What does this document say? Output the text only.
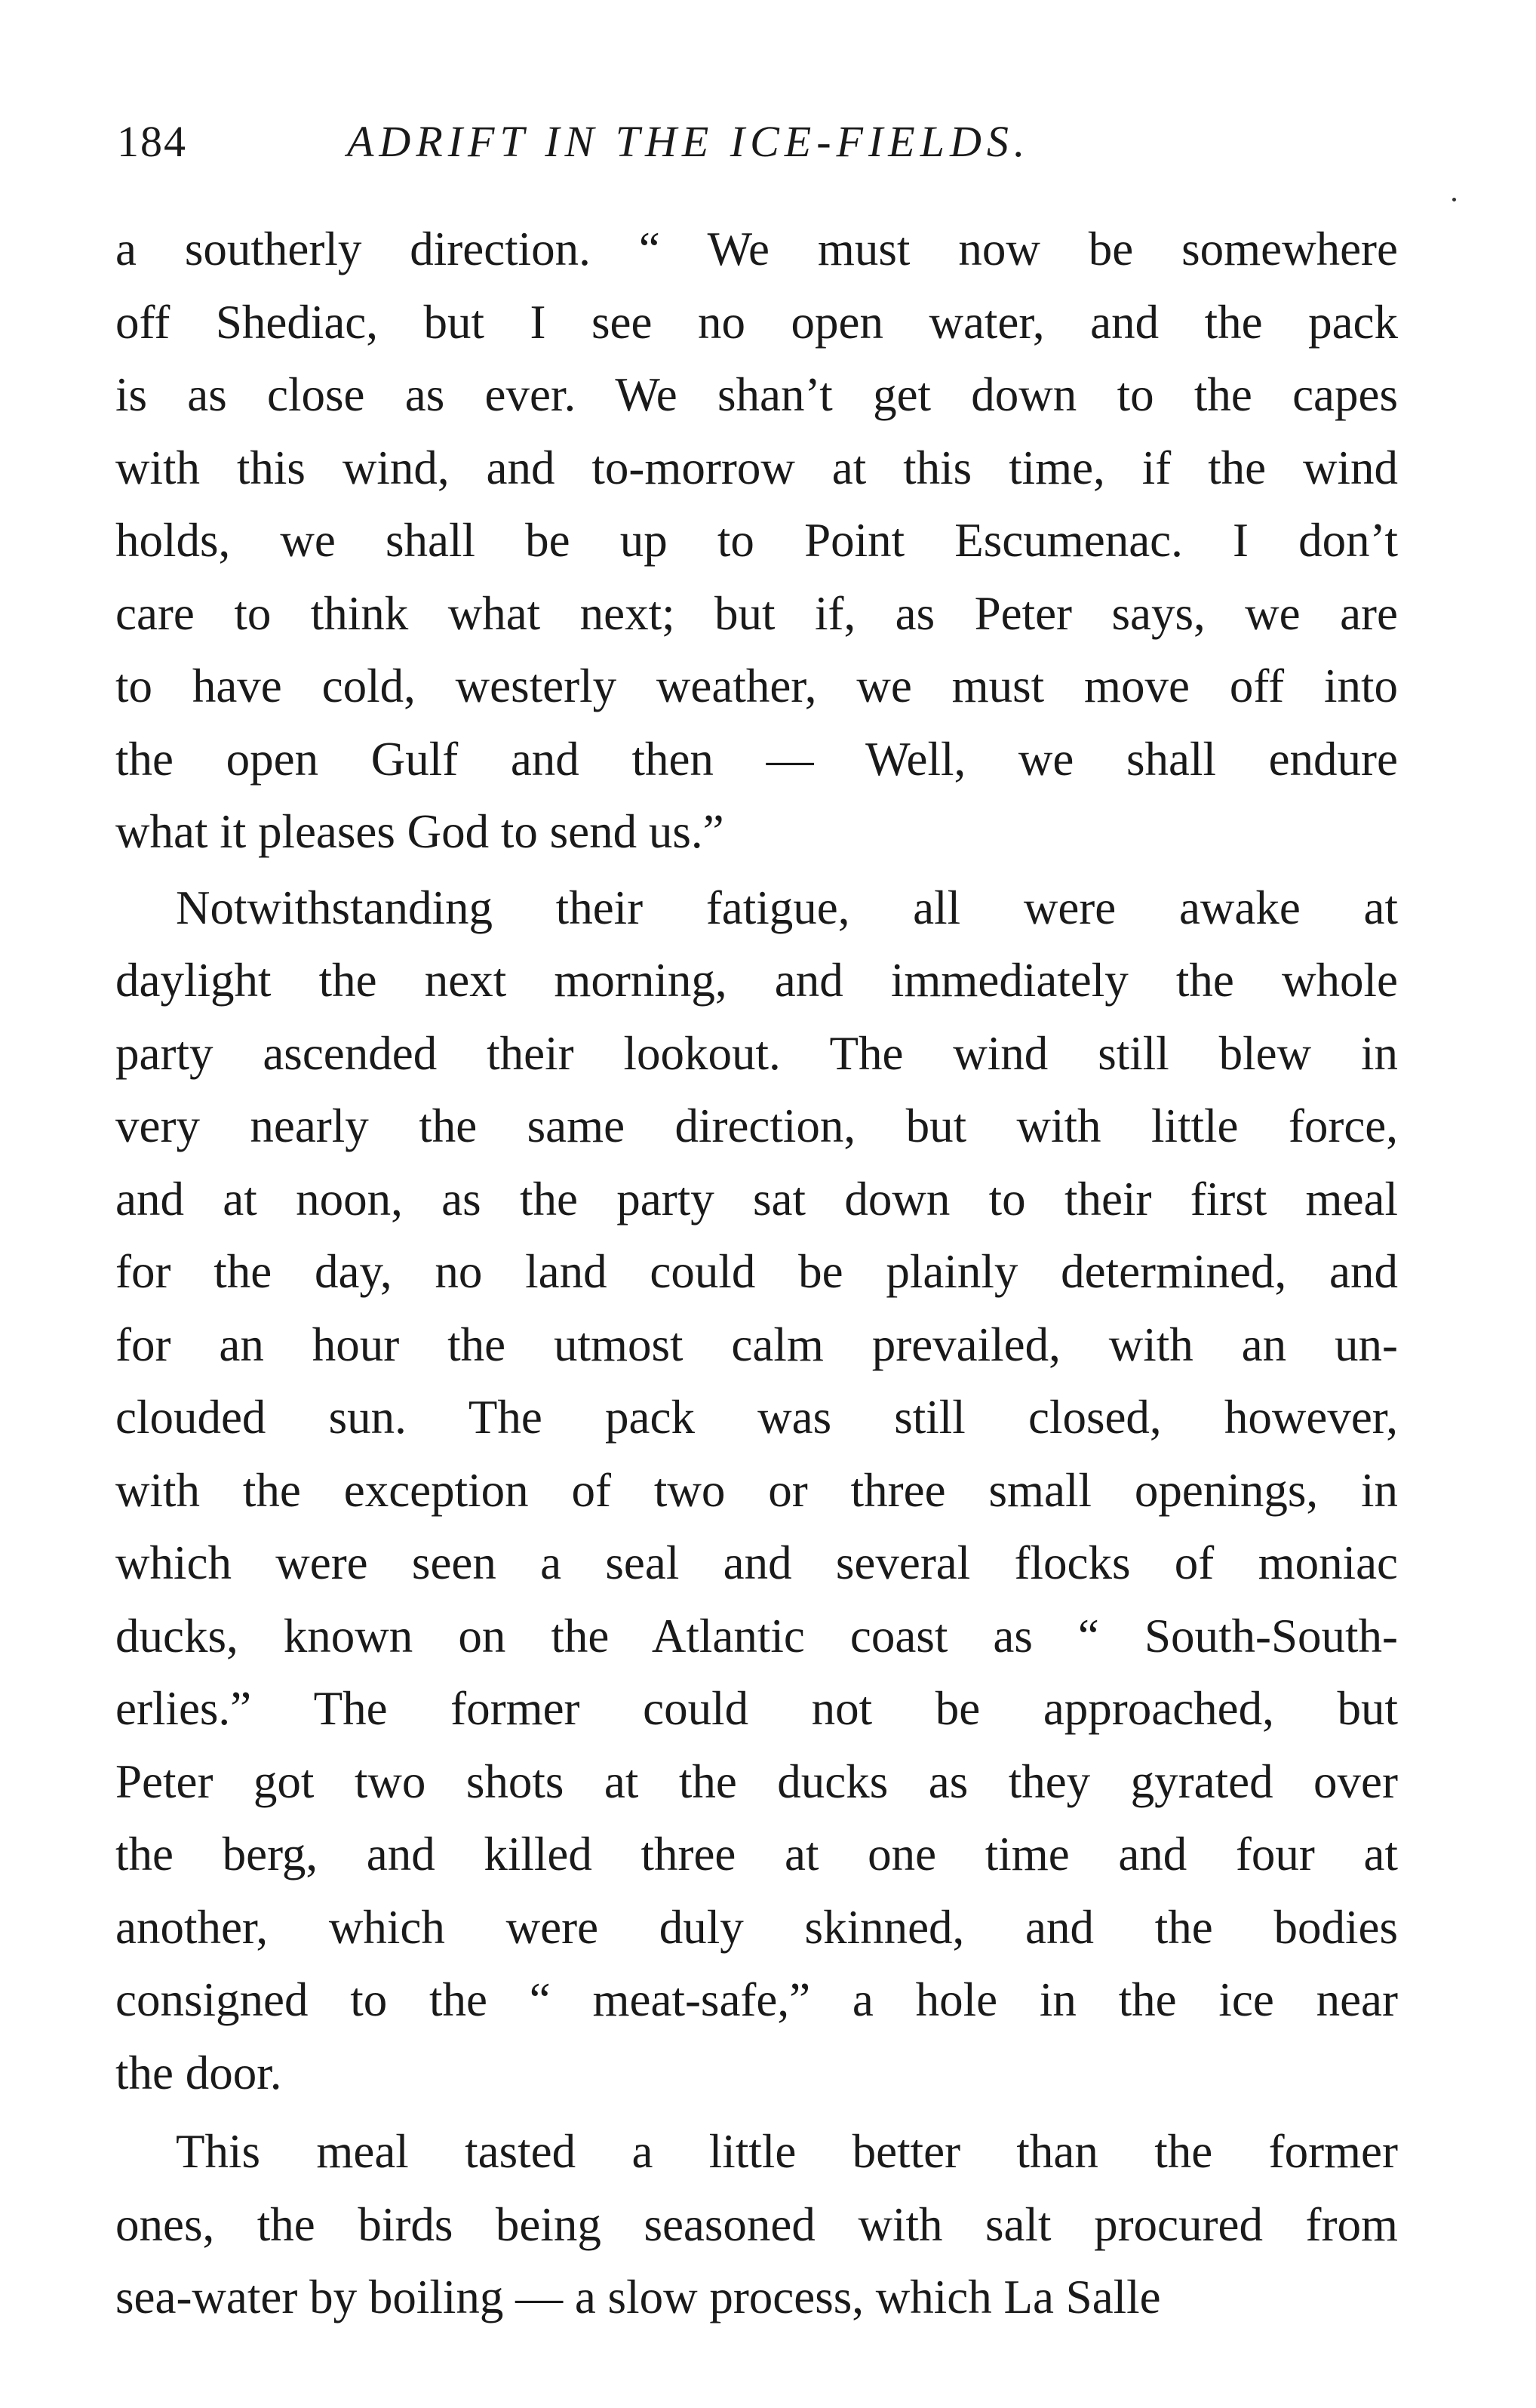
184	ADRIFT IN THE ICE-FIELDS.
a southerly direction. “ We must now be somewhere
off Shediac, but I see no open water, and the pack
is as close as ever. We shan’t get down to the capes
with this wind, and to-morrow at this time, if the wind
holds, we shall be up to Point Escumenac. I don’t
care to think what next; but if, as Peter says, we are
to have cold, westerly weather, we must move off into
the open Gulf and then — Well, we shall endure
what it pleases God to send us.”
Notwithstanding their fatigue, all were awake at
daylight the next morning, and immediately the whole
party ascended their lookout. The wind still blew in
very nearly the same direction, but with little force,
and at noon, as the party sat down to their first meal
for the day, no land could be plainly determined, and
for an hour the utmost calm prevailed, with an un-
clouded sun. The pack was still closed, however,
with the exception of two or three small openings, in
which were seen a seal and several flocks of moniac
ducks, known on the Atlantic coast as “ South-South-
erlies.” The former could not be approached, but
Peter got two shots at the ducks as they gyrated over
the berg, and killed three at one time and four at
another, which were duly skinned, and the bodies
consigned to the “ meat-safe,” a hole in the ice near
the door.
This meal tasted a little better than the former
ones, the birds being seasoned with salt procured from
sea-water by boiling — a slow process, which La Salle
